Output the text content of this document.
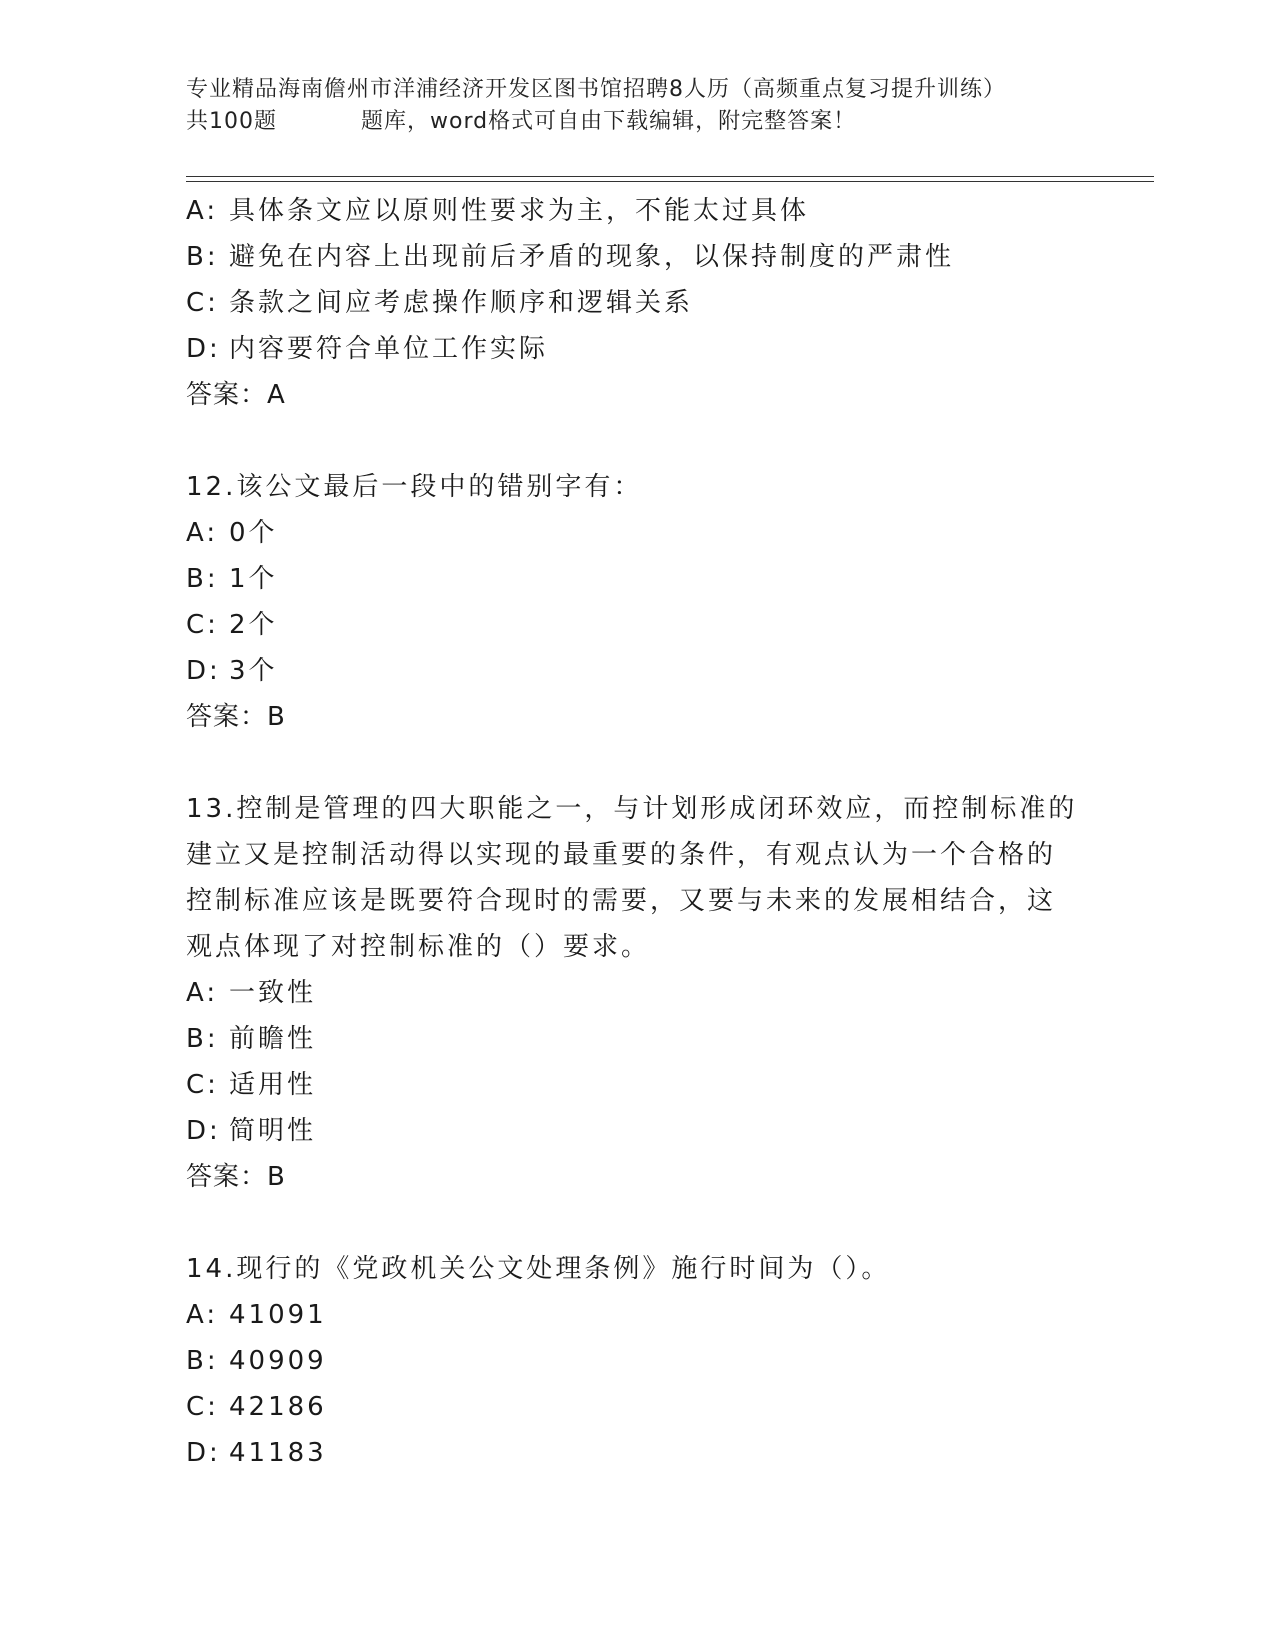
专业精品海南儋州市洋浦经济开发区图书馆招聘8人历（高频重点复习提升训练）
共100题	题库，word格式可自由下载编辑，附完整答案！
A: 具体条文应以原则性要求为主，不能太过具体
B: 避免在内容上出现前后矛盾的现象，以保持制度的严肃性
C: 条款之间应考虑操作顺序和逻辑关系
D: 内容要符合单位工作实际
答案：A
12.该公文最后一段中的错别字有：
A: 0个
B: 1个
C: 2个
D: 3个
答案：B
13.控制是管理的四大职能之一，与计划形成闭环效应，而控制标准的
建立又是控制活动得以实现的最重要的条件，有观点认为一个合格的
控制标准应该是既要符合现时的需要，又要与未来的发展相结合，这
观点体现了对控制标准的（）要求。
A: 一致性
B: 前瞻性
C: 适用性
D: 简明性
答案：B
14.现行的《党政机关公文处理条例》施行时间为（）。
A: 41091
B: 40909
C: 42186
D: 41183
